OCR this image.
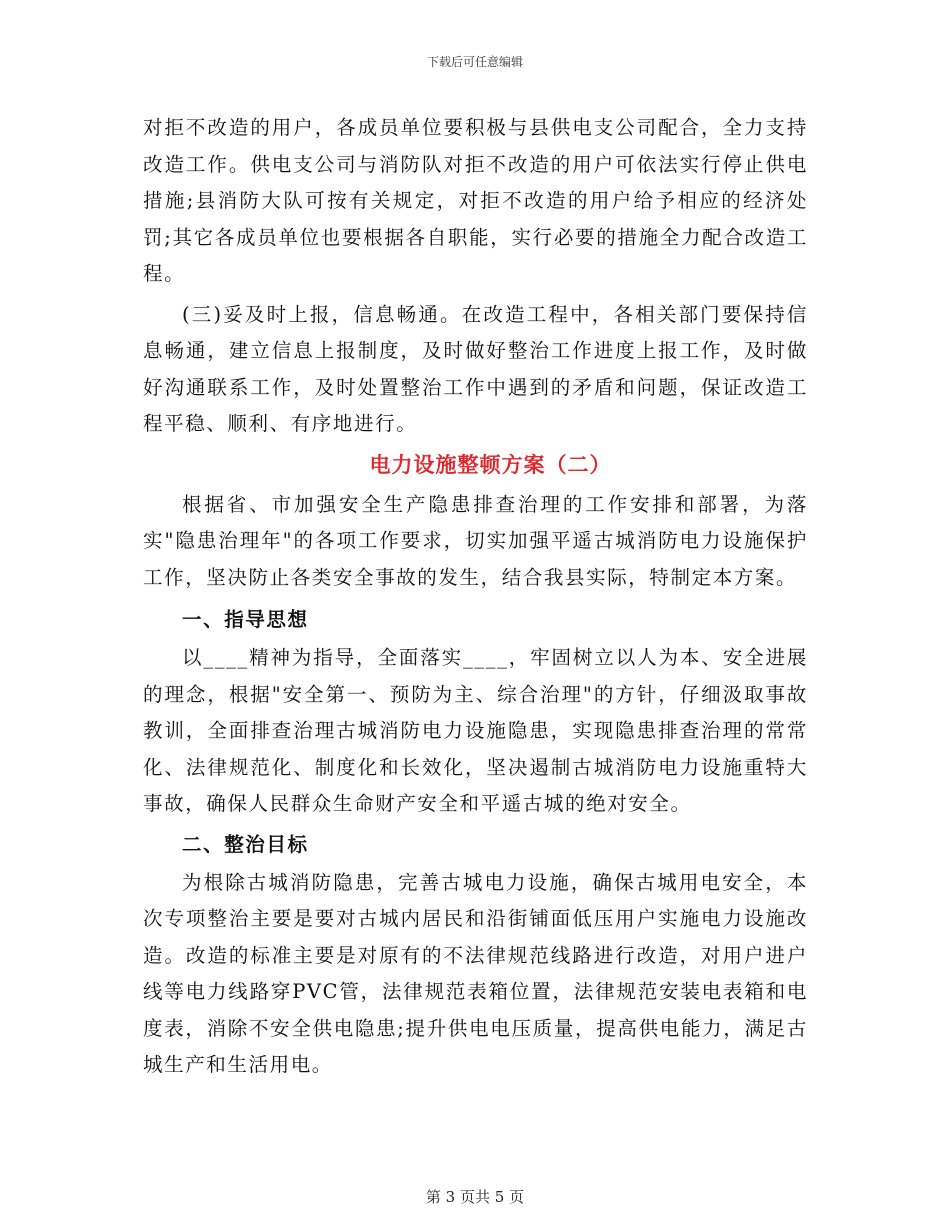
下载后可任意编辑

对拒不改造的用户，各成员单位要积极与县供电支公司配合，全力支持改造工作。供电支公司与消防队对拒不改造的用户可依法实行停止供电措施;县消防大队可按有关规定，对拒不改造的用户给予相应的经济处罚;其它各成员单位也要根据各自职能，实行必要的措施全力配合改造工程。

(三)妥及时上报，信息畅通。在改造工程中，各相关部门要保持信息畅通，建立信息上报制度，及时做好整治工作进度上报工作，及时做好沟通联系工作，及时处置整治工作中遇到的矛盾和问题，保证改造工程平稳、顺利、有序地进行。

电力设施整顿方案（二）

根据省、市加强安全生产隐患排查治理的工作安排和部署，为落实"隐患治理年"的各项工作要求，切实加强平遥古城消防电力设施保护工作，坚决防止各类安全事故的发生，结合我县实际，特制定本方案。

一、指导思想

以____精神为指导，全面落实____，牢固树立以人为本、安全进展的理念，根据"安全第一、预防为主、综合治理"的方针，仔细汲取事故教训，全面排查治理古城消防电力设施隐患，实现隐患排查治理的常常化、法律规范化、制度化和长效化，坚决遏制古城消防电力设施重特大事故，确保人民群众生命财产安全和平遥古城的绝对安全。

二、整治目标

为根除古城消防隐患，完善古城电力设施，确保古城用电安全，本次专项整治主要是要对古城内居民和沿街铺面低压用户实施电力设施改造。改造的标准主要是对原有的不法律规范线路进行改造，对用户进户线等电力线路穿PVC管，法律规范表箱位置，法律规范安装电表箱和电度表，消除不安全供电隐患;提升供电电压质量，提高供电能力，满足古城生产和生活用电。

第 3 页共 5 页
